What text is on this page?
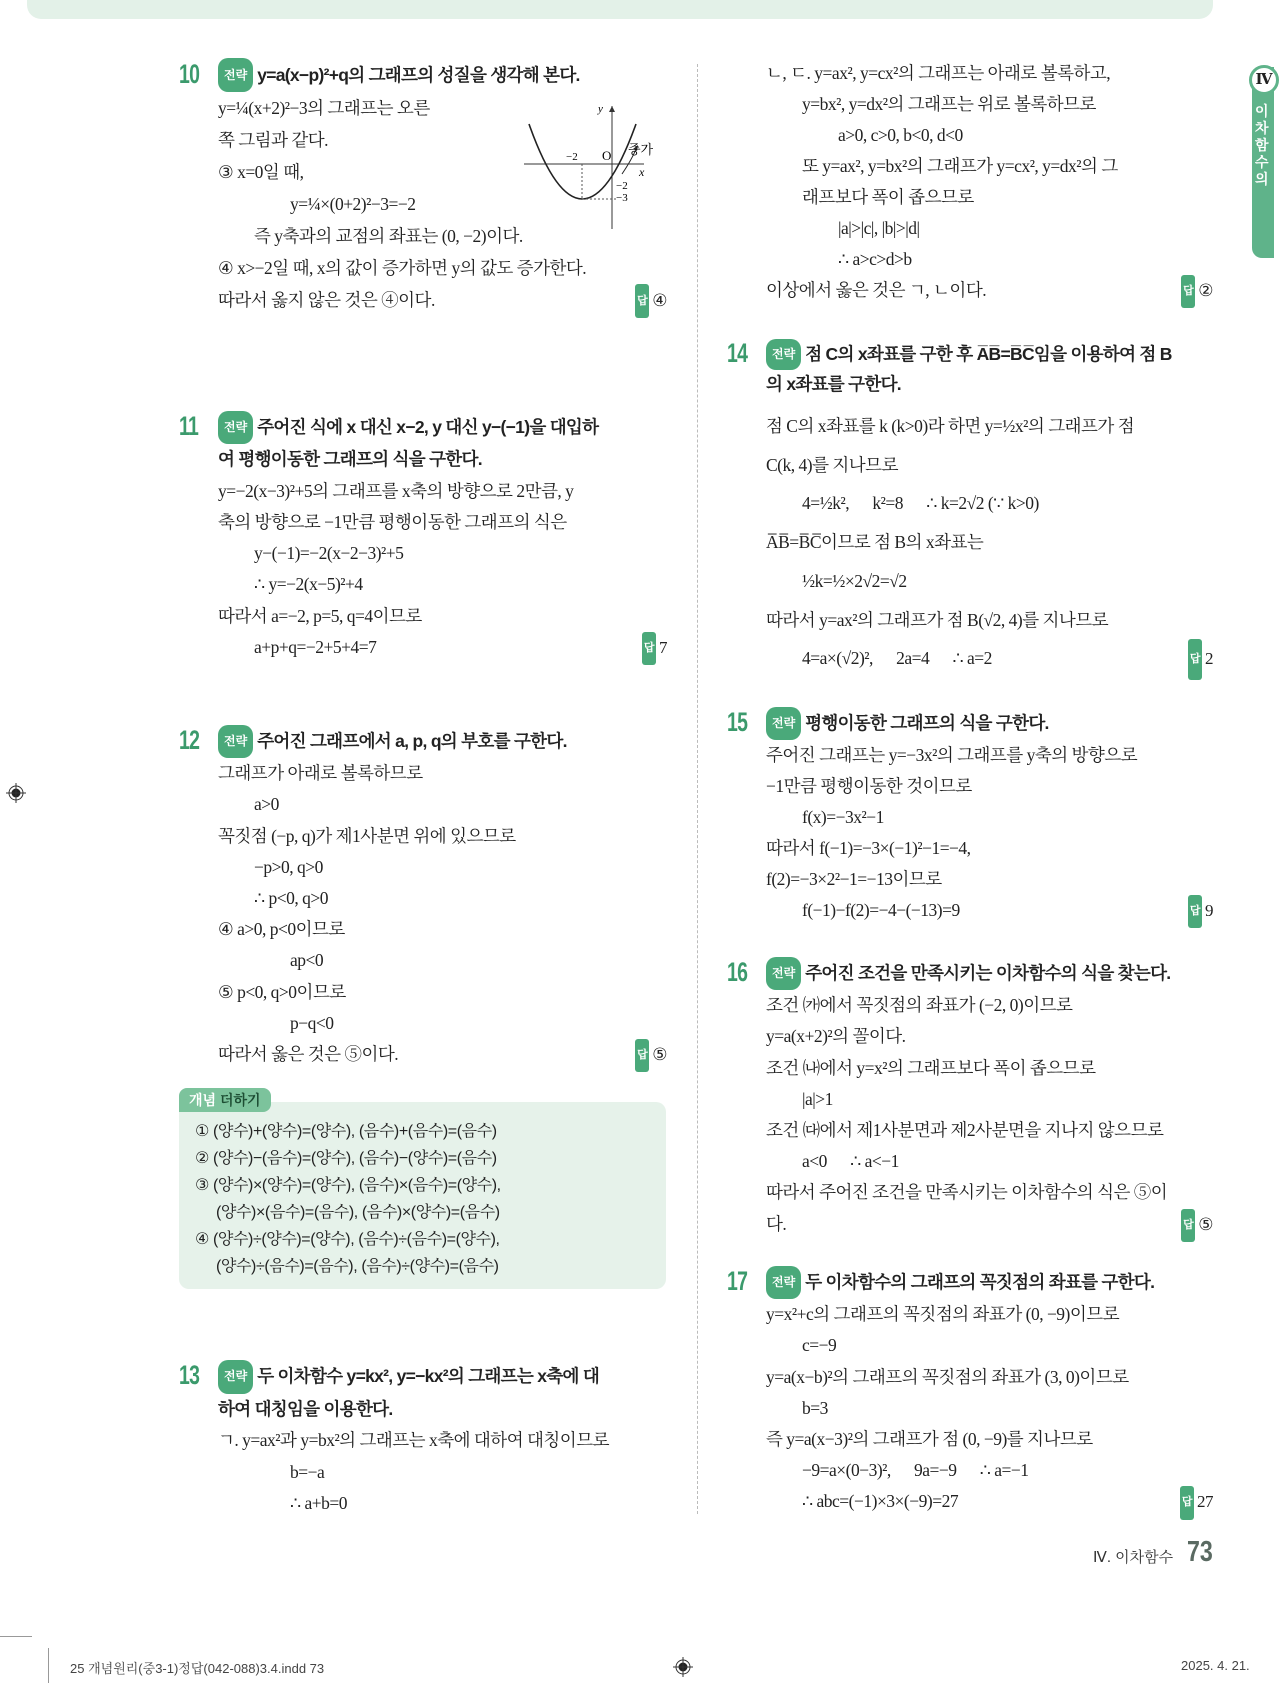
10 전략 y=a(x−p)²+q의 그래프의 성질을 생각해 본다.
y=¼(x+2)²−3의 그래프는 오른
쪽 그림과 같다.
③ x=0일 때,
y=¼×(0+2)²−3=−2
즉 y축과의 교점의 좌표는 (0, −2)이다.
④ x>−2일 때, x의 값이 증가하면 y의 값도 증가한다.
따라서 옳지 않은 것은 ④이다.	답 ④
y
x
O
−2
−2
−3
증가
11 전략 주어진 식에 x 대신 x−2, y 대신 y−(−1)을 대입하
여 평행이동한 그래프의 식을 구한다.
y=−2(x−3)²+5의 그래프를 x축의 방향으로 2만큼, y
축의 방향으로 −1만큼 평행이동한 그래프의 식은
y−(−1)=−2(x−2−3)²+5
∴ y=−2(x−5)²+4
따라서 a=−2, p=5, q=4이므로
a+p+q=−2+5+4=7	답 7
12 전략 주어진 그래프에서 a, p, q의 부호를 구한다.
그래프가 아래로 볼록하므로
a>0
꼭짓점 (−p, q)가 제1사분면 위에 있으므로
−p>0, q>0
∴ p<0, q>0
④ a>0, p<0이므로
ap<0
⑤ p<0, q>0이므로
p−q<0
따라서 옳은 것은 ⑤이다.	답 ⑤
개념 더하기
① (양수)+(양수)=(양수), (음수)+(음수)=(음수)
② (양수)−(음수)=(양수), (음수)−(양수)=(음수)
③ (양수)×(양수)=(양수), (음수)×(음수)=(양수),
(양수)×(음수)=(음수), (음수)×(양수)=(음수)
④ (양수)÷(양수)=(양수), (음수)÷(음수)=(양수),
(양수)÷(음수)=(음수), (음수)÷(양수)=(음수)
13 전략 두 이차함수 y=kx², y=−kx²의 그래프는 x축에 대
하여 대칭임을 이용한다.
ㄱ. y=ax²과 y=bx²의 그래프는 x축에 대하여 대칭이므로
b=−a
∴ a+b=0
ㄴ, ㄷ. y=ax², y=cx²의 그래프는 아래로 볼록하고,
y=bx², y=dx²의 그래프는 위로 볼록하므로
a>0, c>0, b<0, d<0
또 y=ax², y=bx²의 그래프가 y=cx², y=dx²의 그
래프보다 폭이 좁으므로
|a|>|c|, |b|>|d|
∴ a>c>d>b
이상에서 옳은 것은 ㄱ, ㄴ이다.	답 ②
14 전략 점 C의 x좌표를 구한 후 A̅B̅=B̅C̅임을 이용하여 점 B
의 x좌표를 구한다.
점 C의 x좌표를 k (k>0)라 하면 y=½x²의 그래프가 점
C(k, 4)를 지나므로
4=½k²,      k²=8      ∴ k=2√2 (∵ k>0)
A̅B̅=B̅C̅이므로 점 B의 x좌표는
½k=½×2√2=√2
따라서 y=ax²의 그래프가 점 B(√2, 4)를 지나므로
4=a×(√2)²,      2a=4      ∴ a=2	답 2
15 전략 평행이동한 그래프의 식을 구한다.
주어진 그래프는 y=−3x²의 그래프를 y축의 방향으로
−1만큼 평행이동한 것이므로
f(x)=−3x²−1
따라서 f(−1)=−3×(−1)²−1=−4,
f(2)=−3×2²−1=−13이므로
f(−1)−f(2)=−4−(−13)=9	답 9
16 전략 주어진 조건을 만족시키는 이차함수의 식을 찾는다.
조건 ㈎에서 꼭짓점의 좌표가 (−2, 0)이므로
y=a(x+2)²의 꼴이다.
조건 ㈏에서 y=x²의 그래프보다 폭이 좁으므로
|a|>1
조건 ㈐에서 제1사분면과 제2사분면을 지나지 않으므로
a<0      ∴ a<−1
따라서 주어진 조건을 만족시키는 이차함수의 식은 ⑤이
다.	답 ⑤
17 전략 두 이차함수의 그래프의 꼭짓점의 좌표를 구한다.
y=x²+c의 그래프의 꼭짓점의 좌표가 (0, −9)이므로
c=−9
y=a(x−b)²의 그래프의 꼭짓점의 좌표가 (3, 0)이므로
b=3
즉 y=a(x−3)²의 그래프가 점 (0, −9)를 지나므로
−9=a×(0−3)²,      9a=−9      ∴ a=−1
∴ abc=(−1)×3×(−9)=27	답 27
Ⅳ
이차함수의
Ⅳ. 이차함수 73
25 개념원리(중3-1)정답(042-088)3.4.indd 73	2025. 4. 21.
